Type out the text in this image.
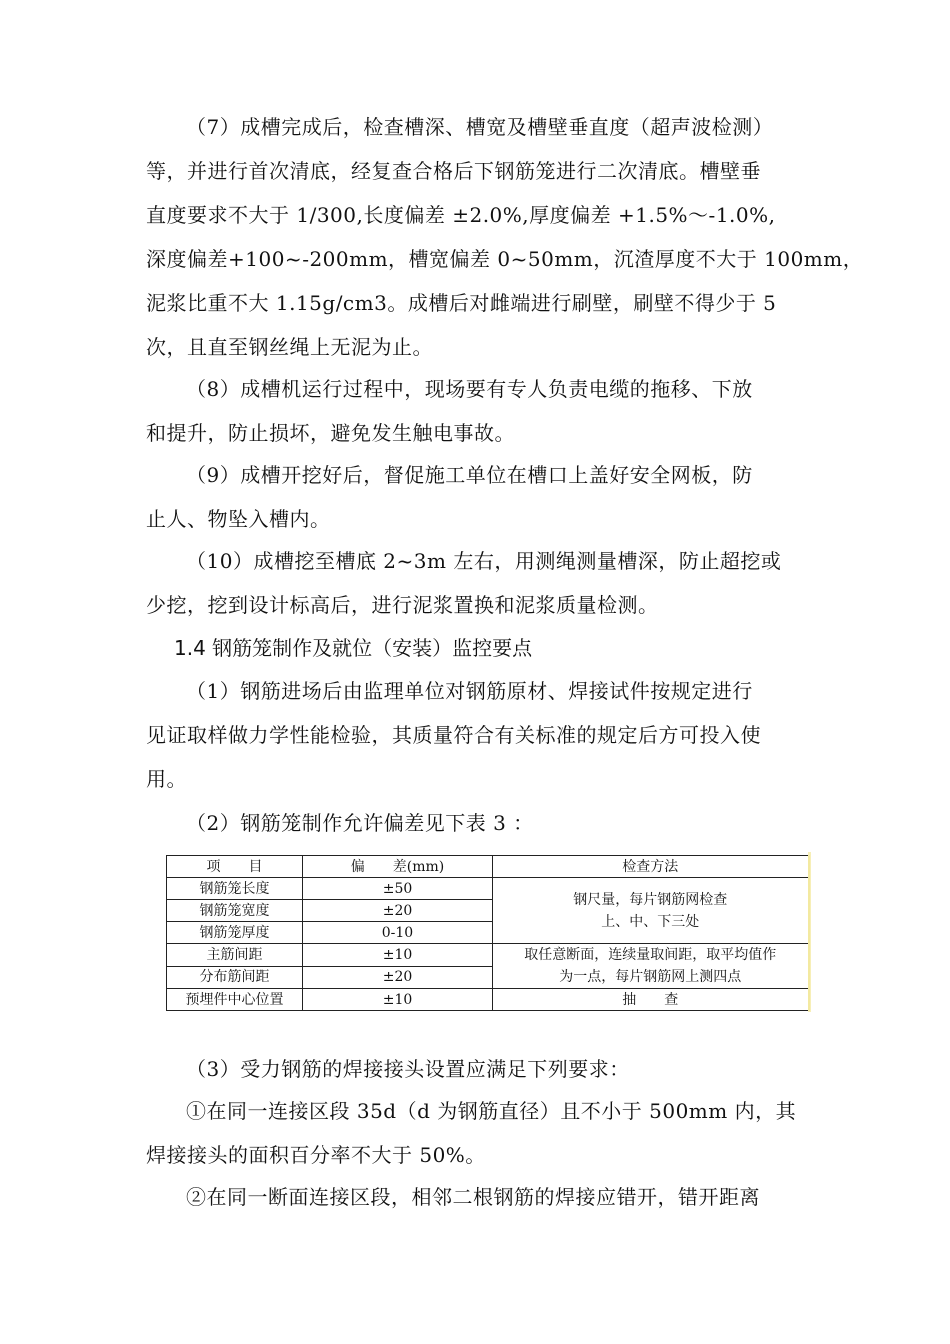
（7）成槽完成后，检查槽深、槽宽及槽壁垂直度（超声波检测）
等，并进行首次清底，经复查合格后下钢筋笼进行二次清底。槽壁垂
直度要求不大于 1/300,长度偏差 ±2.0%,厚度偏差 +1.5%～-1.0%,
深度偏差+100~-200mm，槽宽偏差 0~50mm，沉渣厚度不大于 100mm，
泥浆比重不大 1.15g/cm3。成槽后对雌端进行刷壁，刷壁不得少于 5
次，且直至钢丝绳上无泥为止。
（8）成槽机运行过程中，现场要有专人负责电缆的拖移、下放
和提升，防止损坏，避免发生触电事故。
（9）成槽开挖好后，督促施工单位在槽口上盖好安全网板，防
止人、物坠入槽内。
（10）成槽挖至槽底 2~3m 左右，用测绳测量槽深，防止超挖或
少挖，挖到设计标高后，进行泥浆置换和泥浆质量检测。
1.4 钢筋笼制作及就位（安装）监控要点
（1）钢筋进场后由监理单位对钢筋原材、焊接试件按规定进行
见证取样做力学性能检验，其质量符合有关标准的规定后方可投入使
用。
（2）钢筋笼制作允许偏差见下表 3 ：
项　　目	偏　　差(mm)	检查方法
钢筋笼长度	±50	钢尺量，每片钢筋网检查
上、中、下三处

钢筋笼宽度	±20	
钢筋笼厚度	0-10	
主筋间距	±10	取任意断面，连续量取间距，取平均值作
为一点，每片钢筋网上测四点

分布筋间距	±20	
预埋件中心位置	±10	抽　　查
（3）受力钢筋的焊接接头设置应满足下列要求：
①在同一连接区段 35d（d 为钢筋直径）且不小于 500mm 内，其
焊接接头的面积百分率不大于 50%。
②在同一断面连接区段，相邻二根钢筋的焊接应错开，错开距离
